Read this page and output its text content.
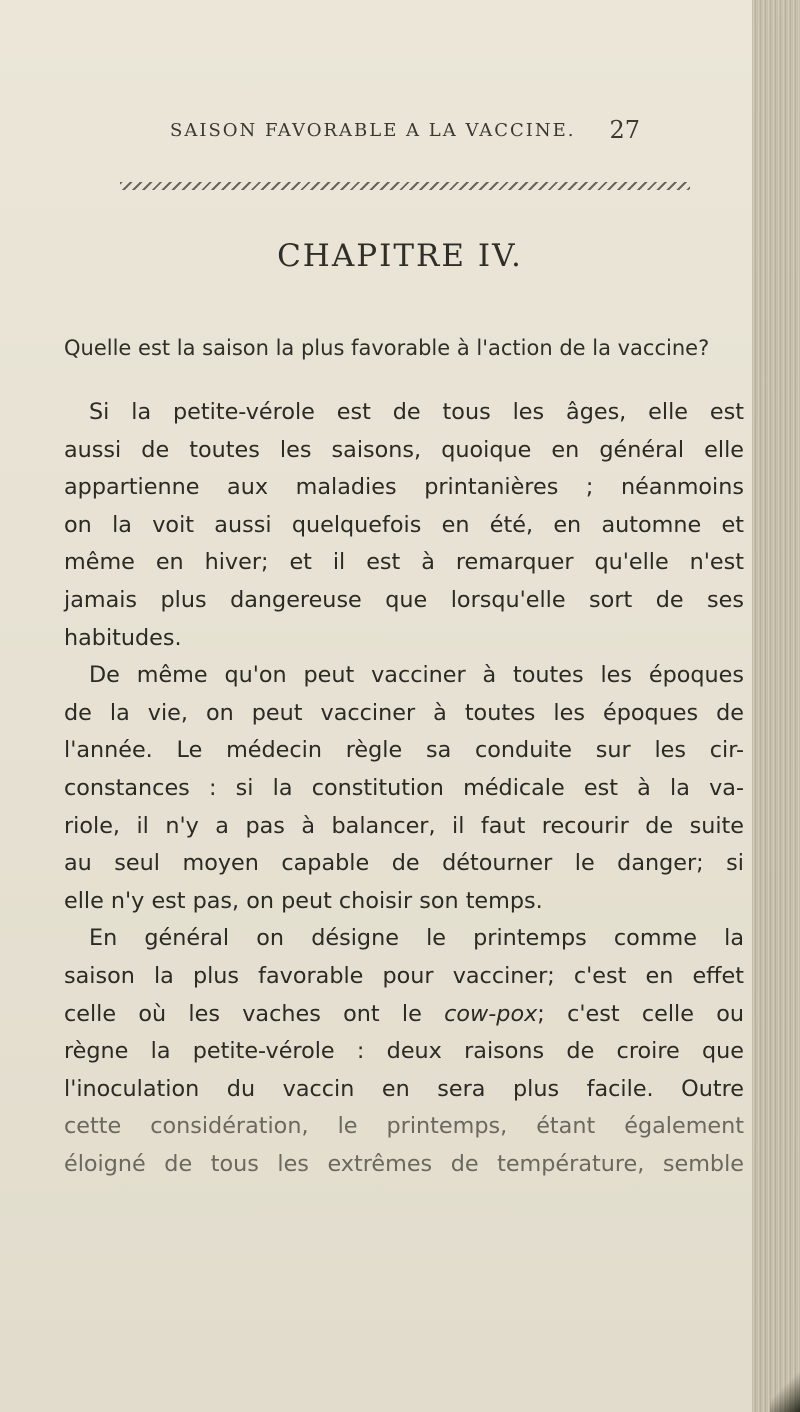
SAISON FAVORABLE A LA VACCINE. 27
CHAPITRE IV.
Quelle est la saison la plus favorable à l'action de la vaccine?

Si la petite-vérole est de tous les âges, elle est
aussi de toutes les saisons, quoique en général elle
appartienne aux maladies printanières ; néanmoins
on la voit aussi quelquefois en été, en automne et
même en hiver; et il est à remarquer qu'elle n'est
jamais plus dangereuse que lorsqu'elle sort de ses
habitudes.

De même qu'on peut vacciner à toutes les époques
de la vie, on peut vacciner à toutes les époques de
l'année. Le médecin règle sa conduite sur les cir-
constances : si la constitution médicale est à la va-
riole, il n'y a pas à balancer, il faut recourir de suite
au seul moyen capable de détourner le danger; si
elle n'y est pas, on peut choisir son temps.

En général on désigne le printemps comme la
saison la plus favorable pour vacciner; c'est en effet
celle où les vaches ont le cow-pox; c'est celle ou
règne la petite-vérole : deux raisons de croire que
l'inoculation du vaccin en sera plus facile. Outre
cette considération, le printemps, étant également
éloigné de tous les extrêmes de température, semble
